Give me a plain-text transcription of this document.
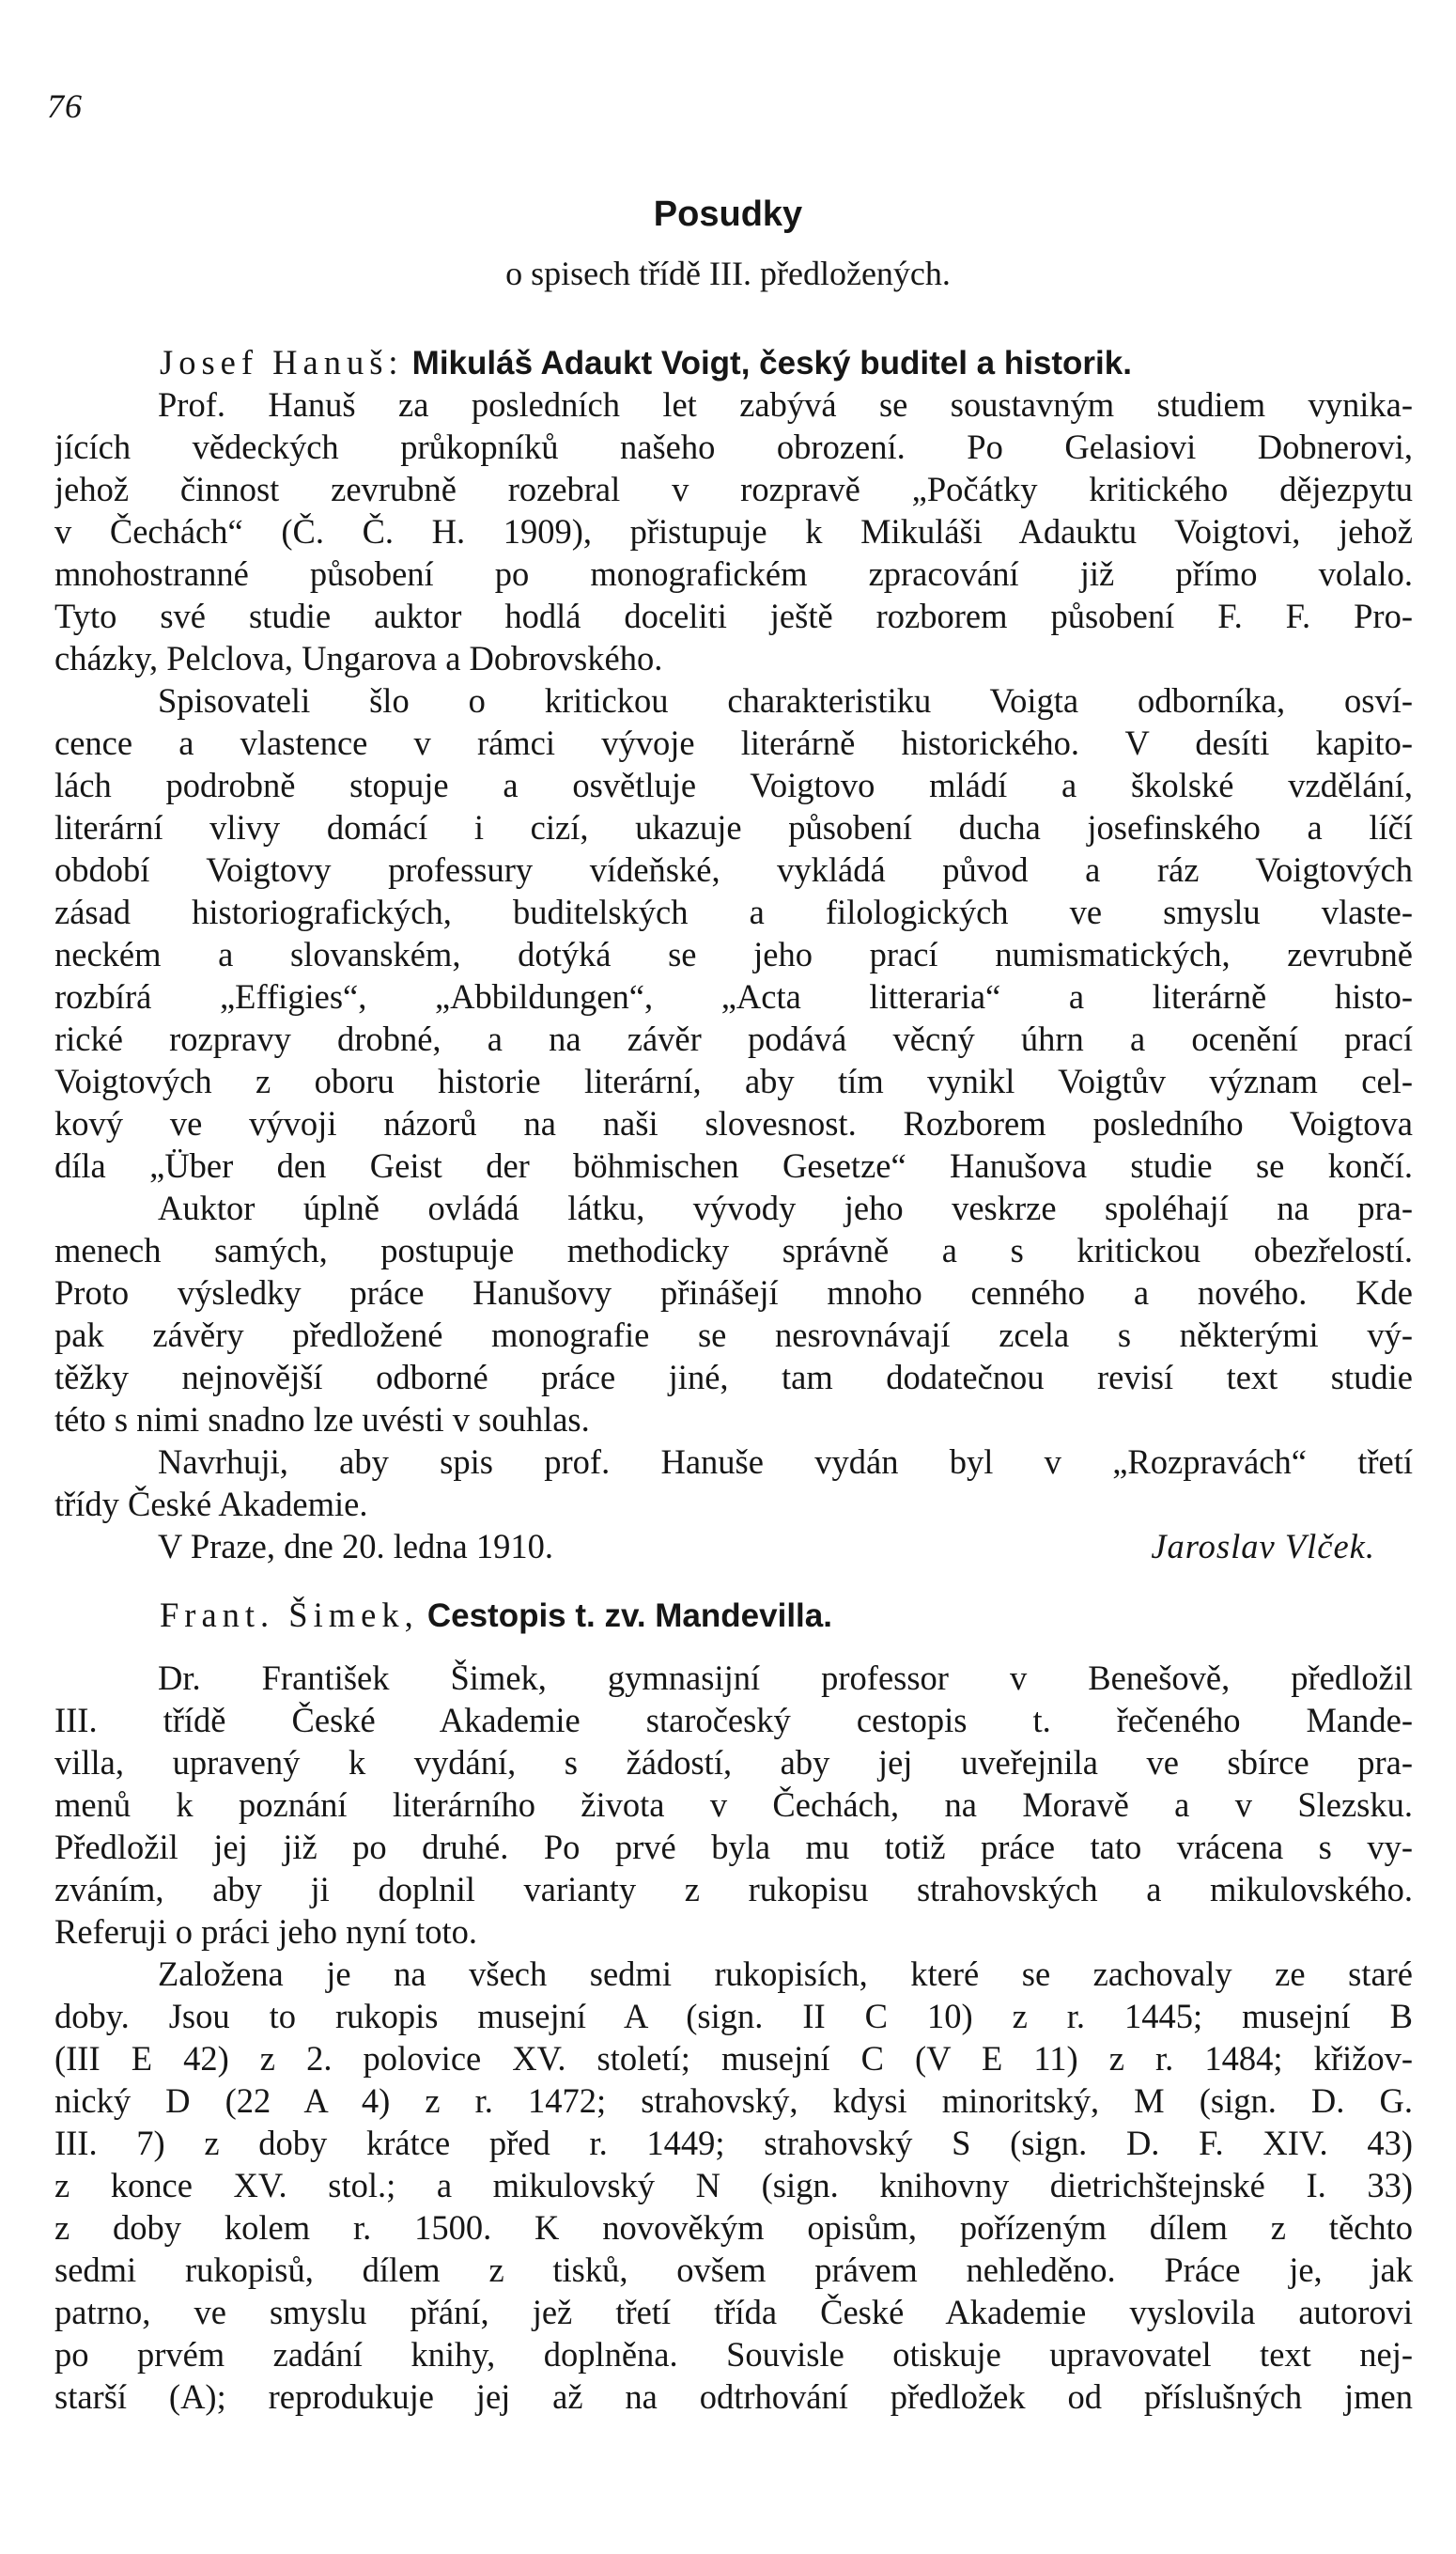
76
Posudky
o spisech třídě III. předložených.
Josef Hanuš: Mikuláš Adaukt Voigt, český buditel a historik.
Prof. Hanuš za posledních let zabývá se soustavným studiem vynika-
jících vědeckých průkopníků našeho obrození. Po Gelasiovi Dobnerovi,
jehož činnost zevrubně rozebral v rozpravě „Počátky kritického dějezpytu
v Čechách“ (Č. Č. H. 1909), přistupuje k Mikuláši Adauktu Voigtovi, jehož
mnohostranné působení po monografickém zpracování již přímo volalo.
Tyto své studie auktor hodlá doceliti ještě rozborem působení F. F. Pro-
cházky, Pelclova, Ungarova a Dobrovského.
Spisovateli šlo o kritickou charakteristiku Voigta odborníka, osví-
cence a vlastence v rámci vývoje literárně historického. V desíti kapito-
lách podrobně stopuje a osvětluje Voigtovo mládí a školské vzdělání,
literární vlivy domácí i cizí, ukazuje působení ducha josefinského a líčí
období Voigtovy professury vídeňské, vykládá původ a ráz Voigtových
zásad historiografických, buditelských a filologických ve smyslu vlaste-
neckém a slovanském, dotýká se jeho prací numismatických, zevrubně
rozbírá „Effigies“, „Abbildungen“, „Acta litteraria“ a literárně histo-
rické rozpravy drobné, a na závěr podává věcný úhrn a ocenění prací
Voigtových z oboru historie literární, aby tím vynikl Voigtův význam cel-
kový ve vývoji názorů na naši slovesnost. Rozborem posledního Voigtova
díla „Über den Geist der böhmischen Gesetze“ Hanušova studie se končí.
Auktor úplně ovládá látku, vývody jeho veskrze spoléhají na pra-
menech samých, postupuje methodicky správně a s kritickou obezřelostí.
Proto výsledky práce Hanušovy přinášejí mnoho cenného a nového. Kde
pak závěry předložené monografie se nesrovnávají zcela s některými vý-
těžky nejnovější odborné práce jiné, tam dodatečnou revisí text studie
této s nimi snadno lze uvésti v souhlas.
Navrhuji, aby spis prof. Hanuše vydán byl v „Rozpravách“ třetí
třídy České Akademie.
V Praze, dne 20. ledna 1910.	Jaroslav Vlček.
Frant. Šimek, Cestopis t. zv. Mandevilla.
Dr. František Šimek, gymnasijní professor v Benešově, předložil
III. třídě České Akademie staročeský cestopis t. řečeného Mande-
villa, upravený k vydání, s žádostí, aby jej uveřejnila ve sbírce pra-
menů k poznání literárního života v Čechách, na Moravě a v Slezsku.
Předložil jej již po druhé. Po prvé byla mu totiž práce tato vrácena s vy-
zváním, aby ji doplnil varianty z rukopisu strahovských a mikulovského.
Referuji o práci jeho nyní toto.
Založena je na všech sedmi rukopisích, které se zachovaly ze staré
doby. Jsou to rukopis musejní A (sign. II C 10) z r. 1445; musejní B
(III E 42) z 2. polovice XV. století; musejní C (V E 11) z r. 1484; křižov-
nický D (22 A 4) z r. 1472; strahovský, kdysi minoritský, M (sign. D. G.
III. 7) z doby krátce před r. 1449; strahovský S (sign. D. F. XIV. 43)
z konce XV. stol.; a mikulovský N (sign. knihovny dietrichštejnské I. 33)
z doby kolem r. 1500. K novověkým opisům, pořízeným dílem z těchto
sedmi rukopisů, dílem z tisků, ovšem právem nehleděno. Práce je, jak
patrno, ve smyslu přání, jež třetí třída České Akademie vyslovila autorovi
po prvém zadání knihy, doplněna. Souvisle otiskuje upravovatel text nej-
starší (A); reprodukuje jej až na odtrhování předložek od příslušných jmen
